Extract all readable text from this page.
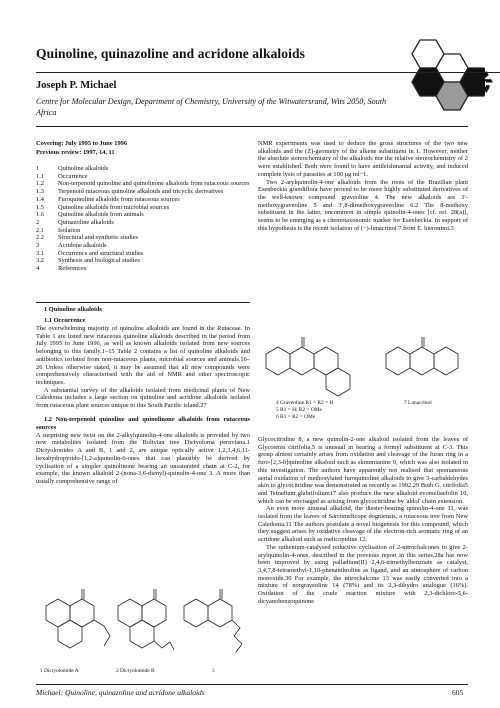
Quinoline, quinazoline and acridone alkaloids
NPR
Joseph P. Michael
Centre for Molecular Design, Department of Chemistry, University of the Witwatersrand, Wits 2050, South Africa
Covering: July 1995 to June 1996
Previous review: 1997, 14, 11
1	Quinoline alkaloids
1.1	Occurrence
1.2	Non-terpenoid quinoline and quinolinone alkaloids from rutaceous sources
1.3	Terpenoid rutaceous quinoline alkaloids and tricyclic derivatives
1.4	Furoquinoline alkaloids from rutaceous sources
1.5	Quinoline alkaloids from microbial sources
1.6	Quinoline alkaloids from animals
2	Quinazoline alkaloids
2.1	Isolation
2.2	Structural and synthetic studies
3	Acridone alkaloids
3.1	Occurrence and structural studies
3.2	Synthesis and biological studies
4	References

1 Quinoline alkaloids

1.1 Occurrence

The overwhelming majority of quinoline alkaloids are found in the Rutaceae. In Table 1 are listed new rutaceous quinoline alkaloids described in the period from July 1995 to June 1996, as well as known alkaloids isolated from new sources belonging to this family.1–15 Table 2 contains a list of quinoline alkaloids and antibiotics isolated from non-rutaceous plants, microbial sources and animals.16–26 Unless otherwise stated, it may be assumed that all new compounds were comprehensively characterised with the aid of NMR and other spectroscopic techniques.

A substantial survey of the alkaloids isolated from medicinal plants of New Caledonia includes a large section on quinoline and acridone alkaloids isolated from rutaceous plant sources unique to this South Pacific island.27

1.2 Non-terpenoid quinoline and quinolinone alkaloids from rutaceous sources

A surprising new twist on the 2-alkylquinolin-4-one alkaloids is provided by two new metabolites isolated from the Bolivian tree Dictyoloma peruviana.1 Dictyolomides A and B, 1 and 2, are unique optically active 1,2,3,4,6,11-hexahydropyrido-[1,2-a]quinolin-6-ones that can plausibly be derived by cyclisation of a simpler quinolinone bearing an unsaturated chain at C-2, for example, the known alkaloid 2-(nona-3,6-dienyl)-quinolin-4-one 3. A more than usually comprehensive range of

1 Dictyolomide A	2 Dictyolomide B	3

NMR experiments was used to deduce the gross structures of the two new alkaloids and the (Z)-geometry of the alkene substituent in 1. However, neither the absolute stereochemistry of the alkaloids nor the relative stereochemistry of 2 were established. Both were found to have antileishmanial activity, and induced complete lysis of parasites at 100 μg ml−1.

Two 2-arylquinolin-4-one alkaloids from the roots of the Brazilian plant Esenbeckia grandiflora have proved to be more highly substituted derivatives of the well-known compound graveoline 4. The new alkaloids are 3′-methoxygraveoline 5 and 3′,8-dimethoxygraveoline 6.2 The 8-methoxy substituent in the latter, uncommon in simple quinolin-4-ones [cf. ref. 28(a)], seems to be emerging as a chemotaxonomic marker for Esenbeckia. In support of this hypothesis is the recent isolation of (−)-lunacrinol 7 from E. hieronimi.3

4 Graveoline R1 = R2 = H
5 R1 = H; R2 = OMe
6 R1 = R2 = OMe
7 Lunacrinol

Glycocitridine 8, a new quinolin-2-one alkaloid isolated from the leaves of Glycosmis citrifolia,5 is unusual in bearing a formyl substituent at C-3. This group almost certainly arises from oxidation and cleavage of the furan ring in a furo-[2,3-b]quinoline alkaloid such as skimmianine 9, which was also isolated in this investigation. The authors have apparently not realised that spontaneous aerial oxidation of methoxylated furoquinoline alkaloids to give 3-carbaldehydes akin to glycocitridine was demonstrated as recently as 1992.29 Both G. citrifolia5 and Tetradium glabrifolium17 also produce the new alkaloid evomeliaefolin 10, which can be envisaged as arising from glycocitridine by 'aldol' chain extension.

An even more unusual alkaloid, the diester-bearing quinolin-4-one 11, was isolated from the leaves of Sarcomelicope dogniensis, a rutaceous tree from New Caledonia.11 The authors postulate a novel biogenesis for this compound, which they suggest arises by oxidative cleavage of the electron-rich aromatic ring of an acridone alkaloid such as melicopidine 12.

The ruthenium-catalysed reductive cyclisation of 2-nitrochalcones to give 2-arylquinolin-4-ones, described in the previous report in this series,28a has now been improved by using palladium(II) 2,4,6-trimethylbenzoate as catalyst, 3,4,7,8-tetramethyl-1,10-phenanthroline as ligand, and an atmosphere of carbon monoxide.30 For example, the nitrochalcone 13 was easily converted into a mixture of norgraveoline 14 (78%) and its 2,3-dihydro analogue (16%). Oxidation of the crude reaction mixture with 2,3-dichloro-5,6-dicyanobenzoquinone

Michael: Quinoline, quinazoline and acridone alkaloids	605
